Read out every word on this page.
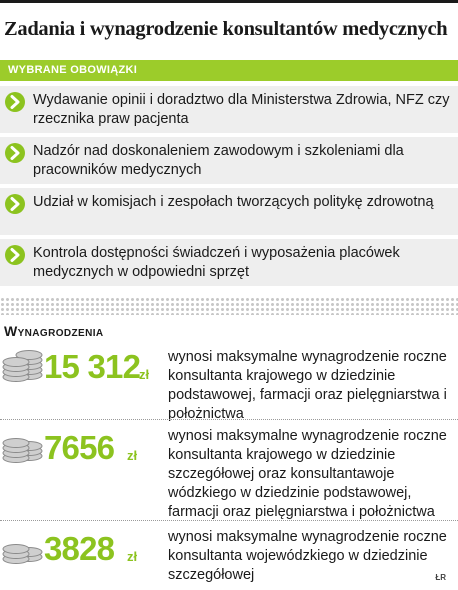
Zadania i wynagrodzenie konsultantów medycznych
WYBRANE OBOWIĄZKI
Wydawanie opinii i doradztwo dla Ministerstwa Zdrowia, NFZ czy rzecznika praw pacjenta
Nadzór nad doskonaleniem zawodowym i szkoleniami dla pracowników medycznych
Udział w komisjach i zespołach tworzących politykę zdrowotną
Kontrola dostępności świadczeń i wyposażenia placówek medycznych w odpowiedni sprzęt
Wynagrodzenia
15 312
zł
wynosi maksymalne wynagrodzenie roczne konsultanta krajowego w dziedzinie podstawowej, farmacji oraz pielęgniarstwa i położnictwa
7656 zł
wynosi maksymalne wynagrodzenie roczne konsultanta krajowego w dziedzinie szczegółowej oraz konsultantawoje wódzkiego w dziedzinie podstawowej, farmacji oraz pielęgniarstwa i położnictwa
3828 zł
wynosi maksymalne wynagrodzenie roczne konsultanta wojewódzkiego w dziedzinie szczegółowej	ŁR
